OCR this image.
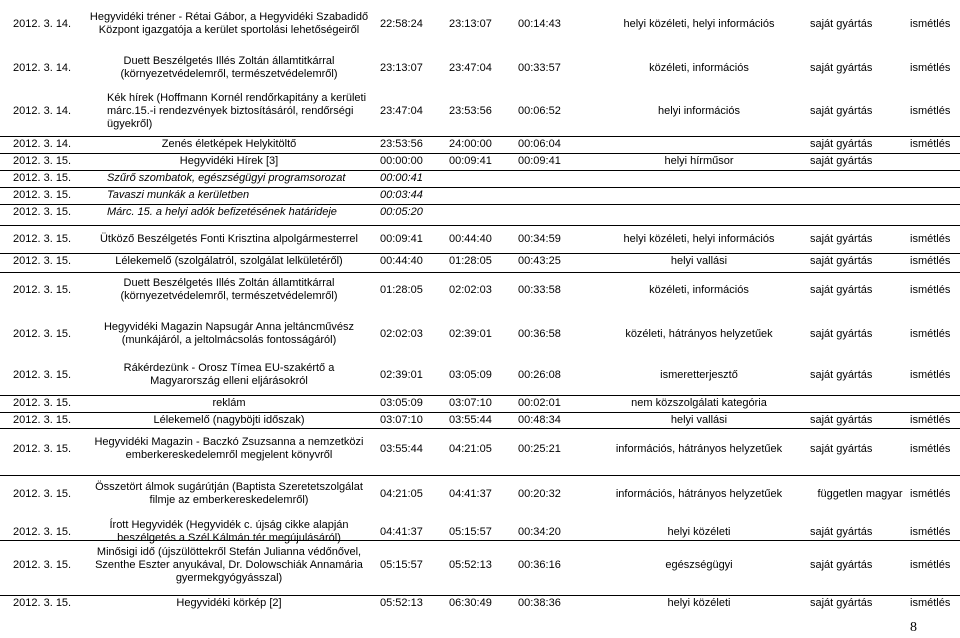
2012. 3. 14.
Hegyvidéki tréner - Rétai Gábor, a Hegyvidéki Szabadidő Központ igazgatója a kerület sportolási lehetőségeiről
22:58:24 23:13:07 00:14:43	helyi közéleti, helyi információs	saját gyártás	ismétlés
2012. 3. 14.
Duett Beszélgetés Illés Zoltán államtitkárral (környezetvédelemről, természetvédelemről)
23:13:07 23:47:04 00:33:57	közéleti, információs	saját gyártás	ismétlés
2012. 3. 14.
Kék hírek (Hoffmann Kornél rendőrkapitány a kerületi márc.15.-i rendezvények biztosításáról, rendőrségi ügyekről)
23:47:04 23:53:56 00:06:52	helyi információs	saját gyártás	ismétlés
2012. 3. 14.	Zenés életképek Helykitöltő	23:53:56 24:00:00 00:06:04	saját gyártás	ismétlés
2012. 3. 15.	Hegyvidéki Hírek [3]	00:00:00 00:09:41 00:09:41	helyi hírműsor	saját gyártás
2012. 3. 15.	Szűrő szombatok, egészségügyi programsorozat	00:00:41
2012. 3. 15.	Tavaszi munkák a kerületben	00:03:44
2012. 3. 15.	Márc. 15. a helyi adók befizetésének határideje	00:05:20
2012. 3. 15.	Ütköző Beszélgetés Fonti Krisztina alpolgármesterrel	00:09:41 00:44:40 00:34:59	helyi közéleti, helyi információs	saját gyártás	ismétlés
2012. 3. 15.	Lélekemelő (szolgálatról, szolgálat lelkületéről)	00:44:40 01:28:05 00:43:25	helyi vallási	saját gyártás	ismétlés
2012. 3. 15.
Duett Beszélgetés Illés Zoltán államtitkárral (környezetvédelemről, természetvédelemről)
01:28:05 02:02:03 00:33:58	közéleti, információs	saját gyártás	ismétlés
2012. 3. 15.
Hegyvidéki Magazin Napsugár Anna jeltáncművész (munkájáról, a jeltolmácsolás fontosságáról)
02:02:03 02:39:01 00:36:58	közéleti, hátrányos helyzetűek	saját gyártás	ismétlés
2012. 3. 15.
Rákérdezünk - Orosz Tímea EU-szakértő a Magyarország elleni eljárásokról
02:39:01 03:05:09 00:26:08	ismeretterjesztő	saját gyártás	ismétlés
2012. 3. 15.	reklám	03:05:09 03:07:10 00:02:01	nem közszolgálati kategória
2012. 3. 15.	Lélekemelő (nagyböjti időszak)	03:07:10 03:55:44 00:48:34	helyi vallási	saját gyártás	ismétlés
2012. 3. 15.
Hegyvidéki Magazin - Baczkó Zsuzsanna a nemzetközi emberkereskedelemről megjelent könyvről
03:55:44 04:21:05 00:25:21	információs, hátrányos helyzetűek	saját gyártás	ismétlés
2012. 3. 15.
Összetört álmok sugárútján (Baptista Szeretetszolgálat filmje az emberkereskedelemről)
04:21:05 04:41:37 00:20:32	információs, hátrányos helyzetűek	független magyar ismétlés
2012. 3. 15.
Írott Hegyvidék (Hegyvidék c. újság cikke alapján beszélgetés a Szél Kálmán tér megújulásáról)
04:41:37 05:15:57 00:34:20	helyi közéleti	saját gyártás	ismétlés
2012. 3. 15.
Minősigi idő (újszülöttekről Stefán Julianna védőnővel, Szenthe Eszter anyukával, Dr. Dolowschiák Annamária gyermekgyógyásszal)
05:15:57 05:52:13 00:36:16	egészségügyi	saját gyártás	ismétlés
2012. 3. 15.	Hegyvidéki körkép [2]	05:52:13 06:30:49 00:38:36	helyi közéleti	saját gyártás	ismétlés
8
